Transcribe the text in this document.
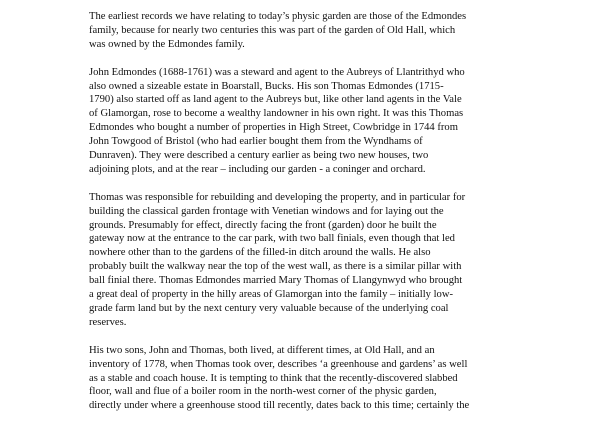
The earliest records we have relating to today’s physic garden are those of the Edmondes
family, because for nearly two centuries this was part of the garden of Old Hall, which
was owned by the Edmondes family.

John Edmondes (1688-1761) was a steward and agent to the Aubreys of Llantrithyd who
also owned a sizeable estate in Boarstall, Bucks. His son Thomas Edmondes (1715-
1790) also started off as land agent to the Aubreys but, like other land agents in the Vale
of Glamorgan, rose to become a wealthy landowner in his own right. It was this Thomas
Edmondes who bought a number of properties in High Street, Cowbridge in 1744 from
John Towgood of Bristol (who had earlier bought them from the Wyndhams of
Dunraven). They were described a century earlier as being two new houses, two
adjoining plots, and at the rear – including our garden - a coninger and orchard.

Thomas was responsible for rebuilding and developing the property, and in particular for
building the classical garden frontage with Venetian windows and for laying out the
grounds. Presumably for effect, directly facing the front (garden) door he built the
gateway now at the entrance to the car park, with two ball finials, even though that led
nowhere other than to the gardens of the filled-in ditch around the walls. He also
probably built the walkway near the top of the west wall, as there is a similar pillar with
ball finial there. Thomas Edmondes married Mary Thomas of Llangynwyd who brought
a great deal of property in the hilly areas of Glamorgan into the family – initially low-
grade farm land but by the next century very valuable because of the underlying coal
reserves.

His two sons, John and Thomas, both lived, at different times, at Old Hall, and an
inventory of 1778, when Thomas took over, describes ‘a greenhouse and gardens’ as well
as a stable and coach house. It is tempting to think that the recently-discovered slabbed
floor, wall and flue of a boiler room in the north-west corner of the physic garden,
directly under where a greenhouse stood till recently, dates back to this time; certainly the
